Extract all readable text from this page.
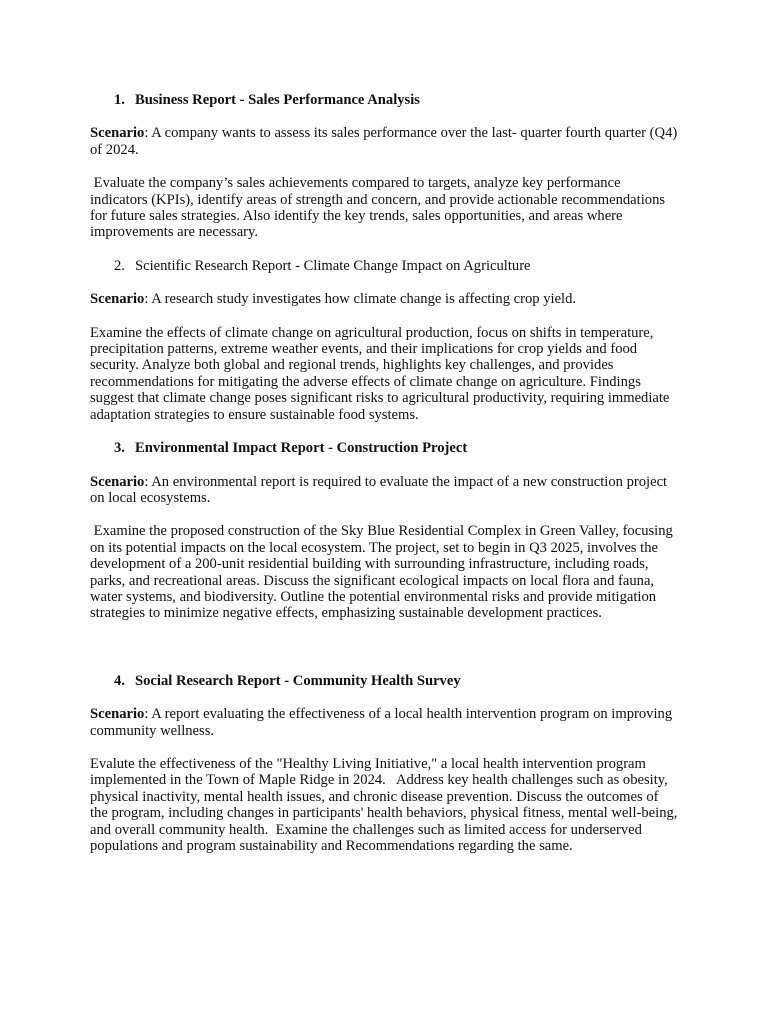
1. Business Report - Sales Performance Analysis

Scenario: A company wants to assess its sales performance over the last- quarter fourth quarter (Q4) of 2024.

Evaluate the company’s sales achievements compared to targets, analyze key performance indicators (KPIs), identify areas of strength and concern, and provide actionable recommendations for future sales strategies. Also identify the key trends, sales opportunities, and areas where improvements are necessary.

2. Scientific Research Report - Climate Change Impact on Agriculture

Scenario: A research study investigates how climate change is affecting crop yield.

Examine the effects of climate change on agricultural production, focus on shifts in temperature, precipitation patterns, extreme weather events, and their implications for crop yields and food security. Analyze both global and regional trends, highlights key challenges, and provides recommendations for mitigating the adverse effects of climate change on agriculture. Findings suggest that climate change poses significant risks to agricultural productivity, requiring immediate adaptation strategies to ensure sustainable food systems.

3. Environmental Impact Report - Construction Project

Scenario: An environmental report is required to evaluate the impact of a new construction project on local ecosystems.

Examine the proposed construction of the Sky Blue Residential Complex in Green Valley, focusing on its potential impacts on the local ecosystem. The project, set to begin in Q3 2025, involves the development of a 200-unit residential building with surrounding infrastructure, including roads, parks, and recreational areas. Discuss the significant ecological impacts on local flora and fauna, water systems, and biodiversity. Outline the potential environmental risks and provide mitigation strategies to minimize negative effects, emphasizing sustainable development practices.

4. Social Research Report - Community Health Survey

Scenario: A report evaluating the effectiveness of a local health intervention program on improving community wellness.

Evalute the effectiveness of the "Healthy Living Initiative," a local health intervention program implemented in the Town of Maple Ridge in 2024.   Address key health challenges such as obesity, physical inactivity, mental health issues, and chronic disease prevention. Discuss the outcomes of the program, including changes in participants' health behaviors, physical fitness, mental well-being, and overall community health.  Examine the challenges such as limited access for underserved populations and program sustainability and Recommendations regarding the same.
